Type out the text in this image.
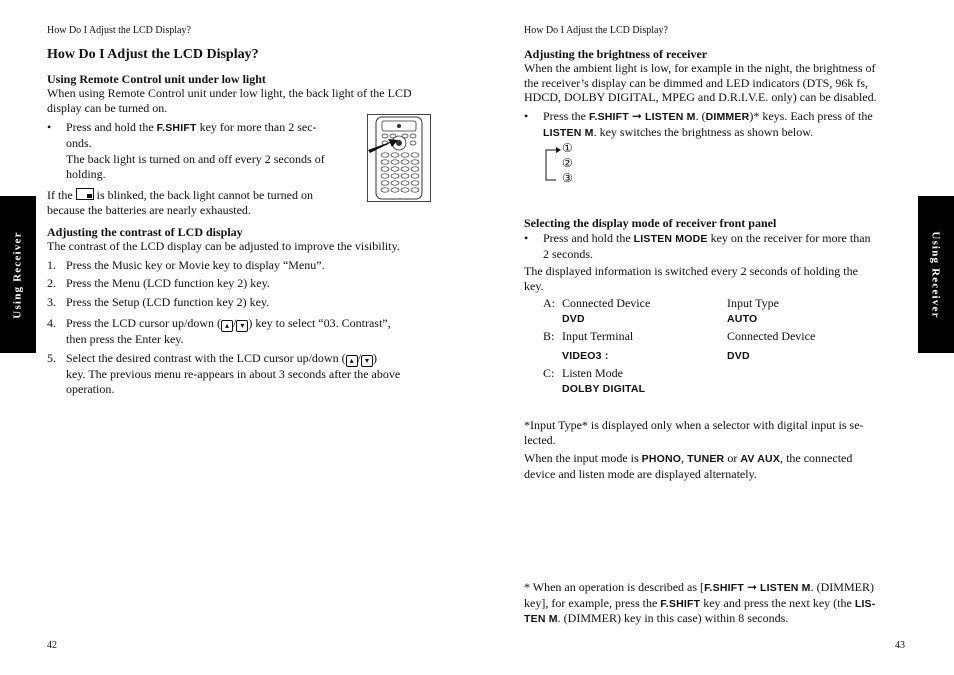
How Do I Adjust the LCD Display?
How Do I Adjust the LCD Display?
Using Remote Control unit under low light
When using Remote Control unit under low light, the back light of the LCD display can be turned on.
• Press and hold the F.SHIFT key for more than 2 sec-
onds.
The back light is turned on and off every 2 seconds of
holding.
If the is blinked, the back light cannot be turned on
because the batteries are nearly exhausted.
Adjusting the contrast of LCD display
The contrast of the LCD display can be adjusted to improve the visibility.
1. Press the Music key or Movie key to display “Menu”.
2. Press the Menu (LCD function key 2) key.
3. Press the Setup (LCD function key 2) key.
4. Press the LCD cursor up/down ( ▴ / ▾ ) key to select “03. Contrast”,
then press the Enter key.
5. Select the desired contrast with the LCD cursor up/down ( ▴ / ▾ )
key. The previous menu re-appears in about 3 seconds after the above
operation.
Using Receiver
42
How Do I Adjust the LCD Display?
Adjusting the brightness of receiver
When the ambient light is low, for example in the night, the brightness of
the receiver’s display can be dimmed and LED indicators (DTS, 96k fs,
HDCD, DOLBY DIGITAL, MPEG and D.R.I.V.E. only) can be disabled.
• Press the F.SHIFT ➞ LISTEN M. (DIMMER)* keys. Each press of the
LISTEN M. key switches the brightness as shown below.
①
②
③
Selecting the display mode of receiver front panel
• Press and hold the LISTEN MODE key on the receiver for more than
2 seconds.
The displayed information is switched every 2 seconds of holding the
key.
A: Connected Device
DVD
Input Type
AUTO
B: Input Terminal
VIDEO3 :
Connected Device
DVD
C: Listen Mode
DOLBY DIGITAL
*Input Type* is displayed only when a selector with digital input is se-
lected.
When the input mode is PHONO, TUNER or AV AUX, the connected
device and listen mode are displayed alternately.
* When an operation is described as [F.SHIFT ➞ LISTEN M. (DIMMER)
key], for example, press the F.SHIFT key and press the next key (the LIS-
TEN M. (DIMMER) key in this case) within 8 seconds.
Using Receiver
43
